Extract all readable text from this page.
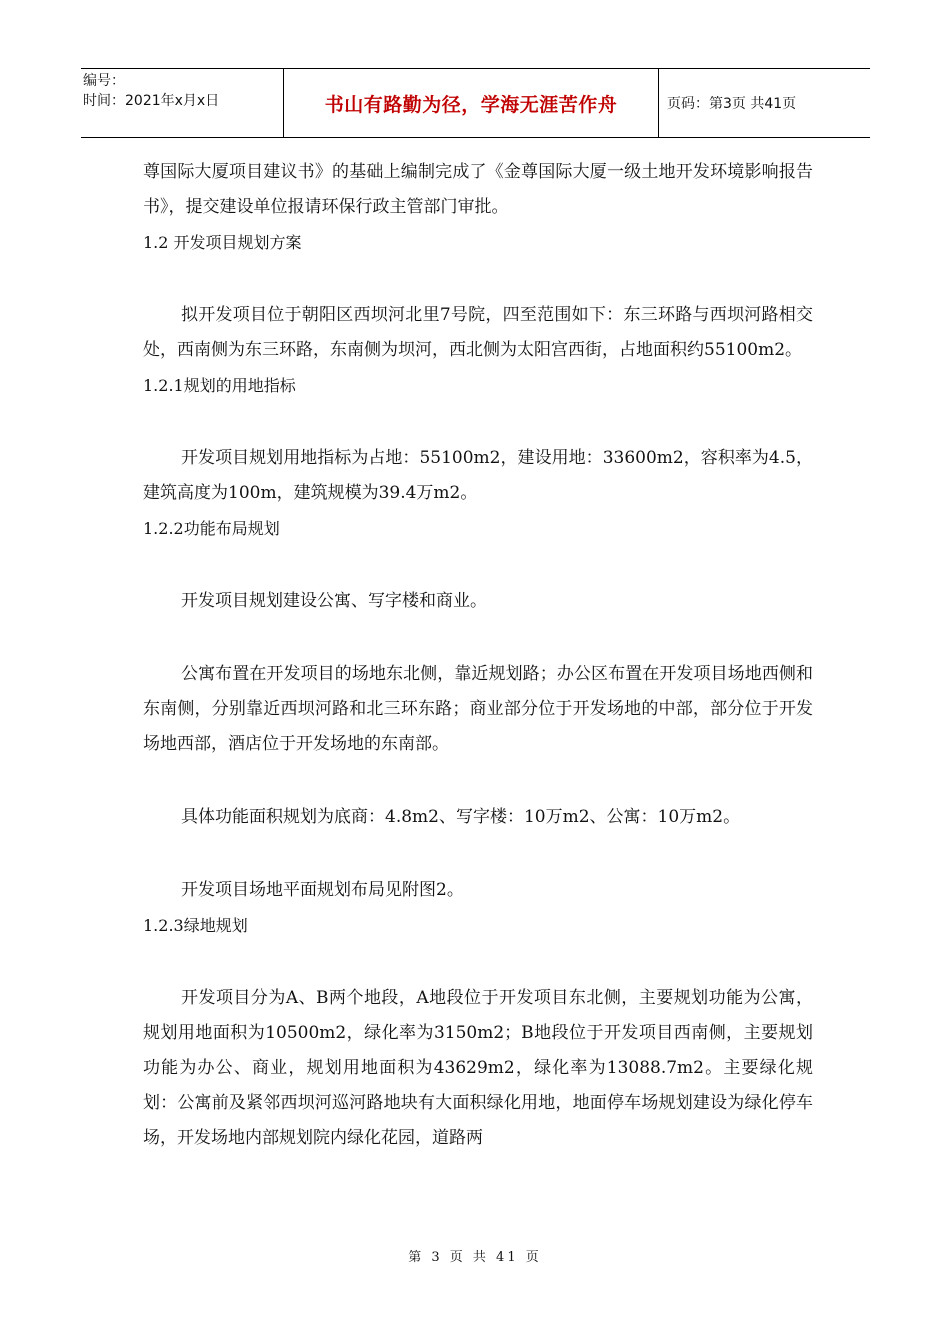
编号：
时间：2021年x月x日	书山有路勤为径，学海无涯苦作舟	页码：第3页 共41页

尊国际大厦项目建议书》的基础上编制完成了《金尊国际大厦一级土地开发环境影响报告书》，提交建设单位报请环保行政主管部门审批。

1.2 开发项目规划方案

拟开发项目位于朝阳区西坝河北里7号院，四至范围如下：东三环路与西坝河路相交处，西南侧为东三环路，东南侧为坝河，西北侧为太阳宫西街，占地面积约55100m2。

1.2.1规划的用地指标

开发项目规划用地指标为占地：55100m2，建设用地：33600m2，容积率为4.5，建筑高度为100m，建筑规模为39.4万m2。

1.2.2功能布局规划

开发项目规划建设公寓、写字楼和商业。

公寓布置在开发项目的场地东北侧，靠近规划路；办公区布置在开发项目场地西侧和东南侧，分别靠近西坝河路和北三环东路；商业部分位于开发场地的中部，部分位于开发场地西部，酒店位于开发场地的东南部。

具体功能面积规划为底商：4.8m2、写字楼：10万m2、公寓：10万m2。

开发项目场地平面规划布局见附图2。

1.2.3绿地规划

开发项目分为A、B两个地段，A地段位于开发项目东北侧，主要规划功能为公寓，规划用地面积为10500m2，绿化率为3150m2；B地段位于开发项目西南侧，主要规划功能为办公、商业，规划用地面积为43629m2，绿化率为13088.7m2。主要绿化规划：公寓前及紧邻西坝河巡河路地块有大面积绿化用地，地面停车场规划建设为绿化停车场，开发场地内部规划院内绿化花园，道路两

第 3 页 共 41 页
